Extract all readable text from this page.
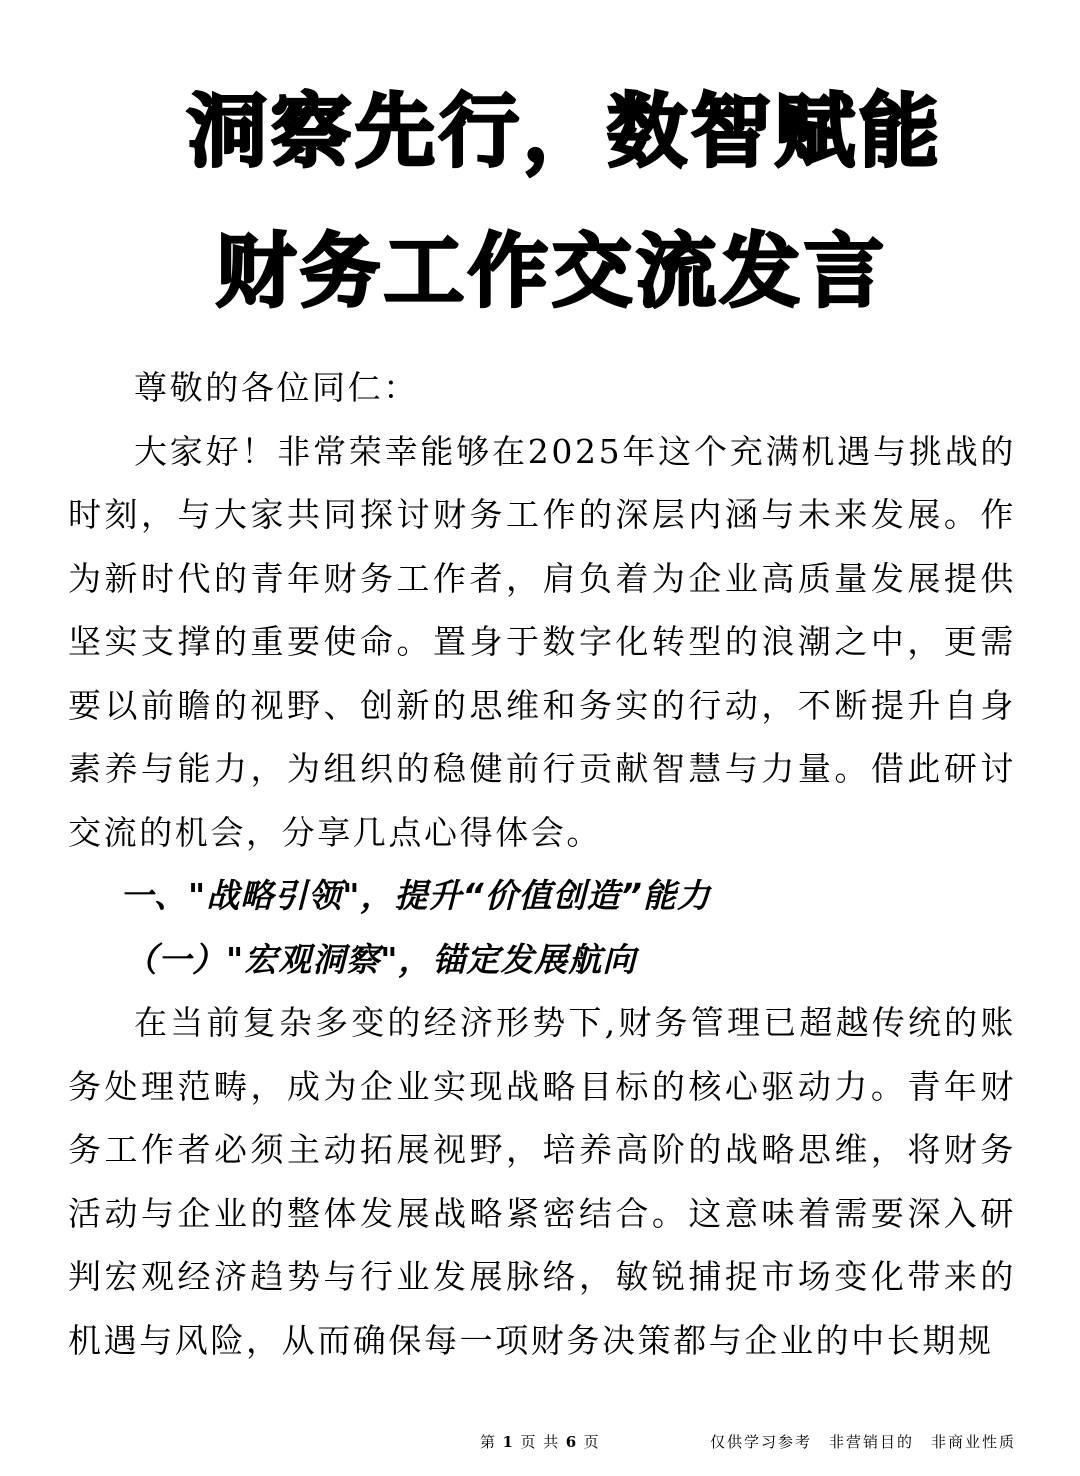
洞察先行，数智赋能
财务工作交流发言

尊敬的各位同仁：

大家好！非常荣幸能够在2025年这个充满机遇与挑战的时刻，与大家共同探讨财务工作的深层内涵与未来发展。作为新时代的青年财务工作者，肩负着为企业高质量发展提供坚实支撑的重要使命。置身于数字化转型的浪潮之中，更需要以前瞻的视野、创新的思维和务实的行动，不断提升自身素养与能力，为组织的稳健前行贡献智慧与力量。借此研讨交流的机会，分享几点心得体会。

一、"战略引领"，提升“价值创造”能力

（一）"宏观洞察"，锚定发展航向

在当前复杂多变的经济形势下,财务管理已超越传统的账务处理范畴，成为企业实现战略目标的核心驱动力。青年财务工作者必须主动拓展视野，培养高阶的战略思维，将财务活动与企业的整体发展战略紧密结合。这意味着需要深入研判宏观经济趋势与行业发展脉络，敏锐捕捉市场变化带来的机遇与风险，从而确保每一项财务决策都与企业的中长期规

第 1 页 共 6 页	仅供学习参考　非营销目的　非商业性质
